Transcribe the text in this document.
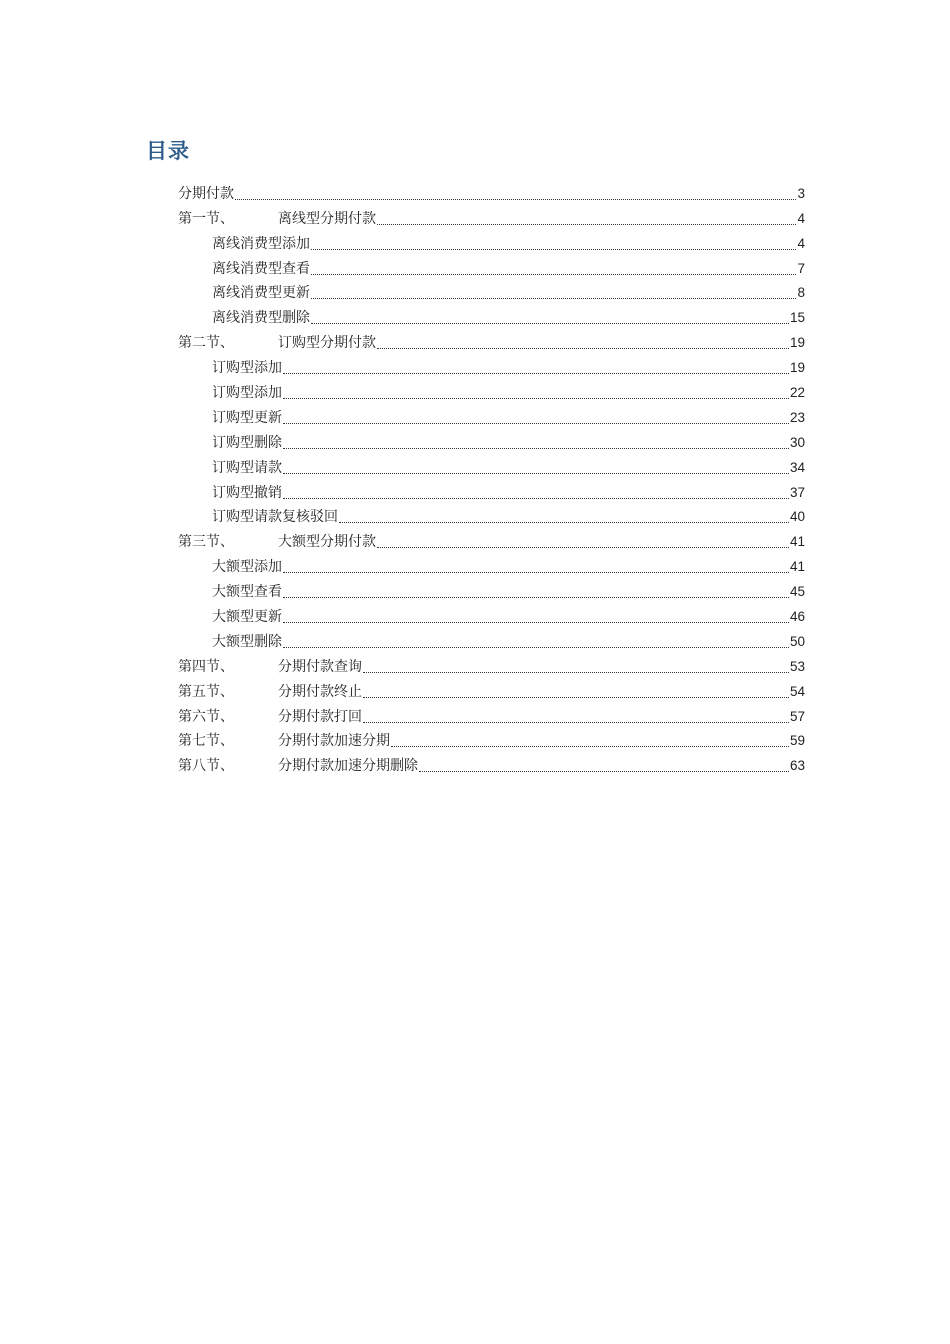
目录
分期付款	3
第一节、	离线型分期付款	4
离线消费型添加	4
离线消费型查看	7
离线消费型更新	8
离线消费型删除	15
第二节、	订购型分期付款	19
订购型添加	19
订购型添加	22
订购型更新	23
订购型删除	30
订购型请款	34
订购型撤销	37
订购型请款复核驳回	40
第三节、	大额型分期付款	41
大额型添加	41
大额型查看	45
大额型更新	46
大额型删除	50
第四节、	分期付款查询	53
第五节、	分期付款终止	54
第六节、	分期付款打回	57
第七节、	分期付款加速分期	59
第八节、	分期付款加速分期删除	63
